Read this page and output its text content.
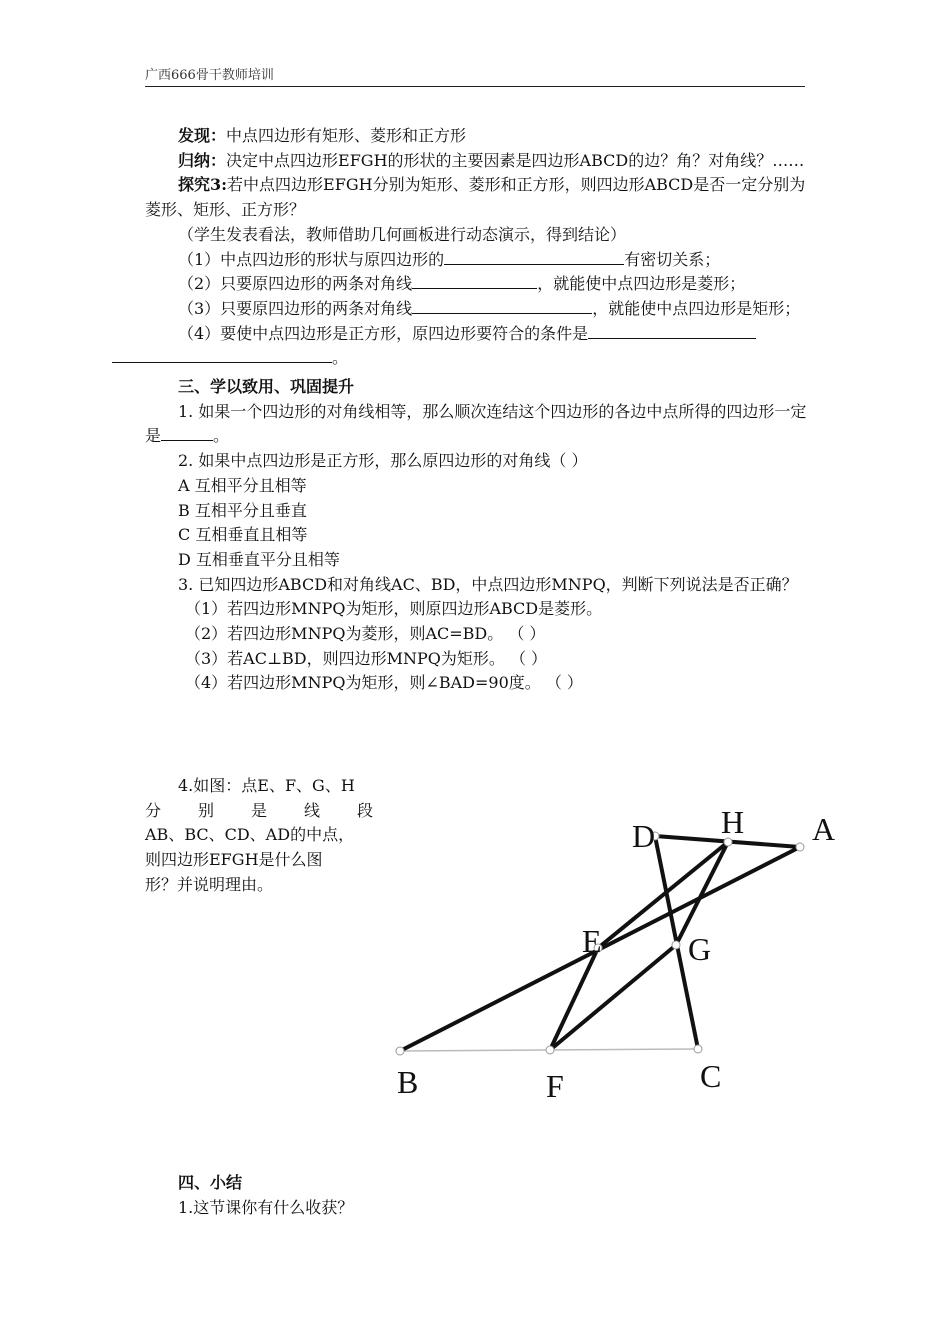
广西666骨干教师培训

发现：中点四边形有矩形、菱形和正方形

归纳：决定中点四边形EFGH的形状的主要因素是四边形ABCD的边？角？对角线？……

探究3:若中点四边形EFGH分别为矩形、菱形和正方形，则四边形ABCD是否一定分别为菱形、矩形、正方形？

（学生发表看法，教师借助几何画板进行动态演示，得到结论）

（1）中点四边形的形状与原四边形的	有密切关系；

（2）只要原四边形的两条对角线	，就能使中点四边形是菱形；

（3）只要原四边形的两条对角线	，就能使中点四边形是矩形；

（4）要使中点四边形是正方形，原四边形要符合的条件是。

三、学以致用、巩固提升

1. 如果一个四边形的对角线相等，那么顺次连结这个四边形的各边中点所得的四边形一定是	。

2. 如果中点四边形是正方形，那么原四边形的对角线（ ）

A 互相平分且相等

B 互相平分且垂直

C 互相垂直且相等

D 互相垂直平分且相等

3. 已知四边形ABCD和对角线AC、BD，中点四边形MNPQ，判断下列说法是否正确？

（1）若四边形MNPQ为矩形，则原四边形ABCD是菱形。

（2）若四边形MNPQ为菱形，则AC=BD。 （ ）

（3）若AC⊥BD，则四边形MNPQ为矩形。 （ ）

（4）若四边形MNPQ为矩形，则∠BAD=90度。 （ ）

4.如图：点E、F、G、H

分别是线段

AB、BC、CD、AD的中点，

则四边形EFGH是什么图

形？并说明理由。

D H A
E	G
B	F	C

四、小结

1.这节课你有什么收获？
